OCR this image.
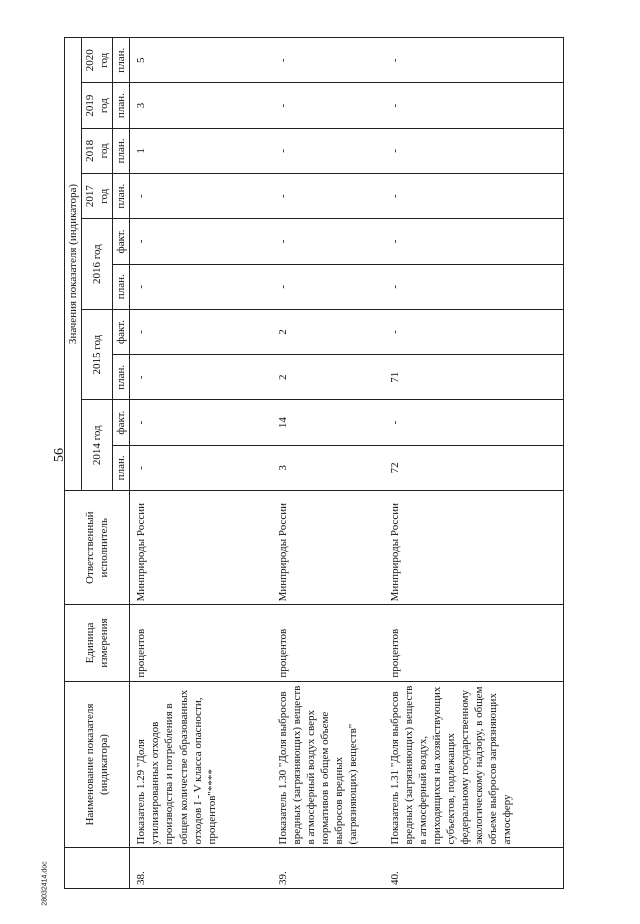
56
	Наименование показателя (индикатора)	Единица измерения	Ответственный исполнитель	Значения показателя (индикатора)									
				2014 год		2015 год		2016 год		2017 год	2018 год	2019 год	2020 год

				план.	факт.	план.	факт.	план.	факт.	план.	план.	план.	план.
38.	Показатель 1.29 "Доля утилизированных отходов производства и потребления в общем количестве образованных отходов I - V класса опасности, процентов"****	процентов	Минприроды России	-	-	-	-	-	-	-	1	3	5
39.	Показатель 1.30 "Доля выбросов вредных (загрязняющих) веществ в атмосферный воздух сверх нормативов в общем объеме выбросов вредных (загрязняющих) веществ"	процентов	Минприроды России	3	14	2	2	-	-	-	-	-	-
40.	Показатель 1.31 "Доля выбросов вредных (загрязняющих) веществ в атмосферный воздух, приходящихся на хозяйствующих субъектов, подлежащих федеральному государственному экологическому надзору, в общем объеме выбросов загрязняющих атмосферу	процентов	Минприроды России	72	-	71	-	-	-	-	-	-	-
28032414.doc
